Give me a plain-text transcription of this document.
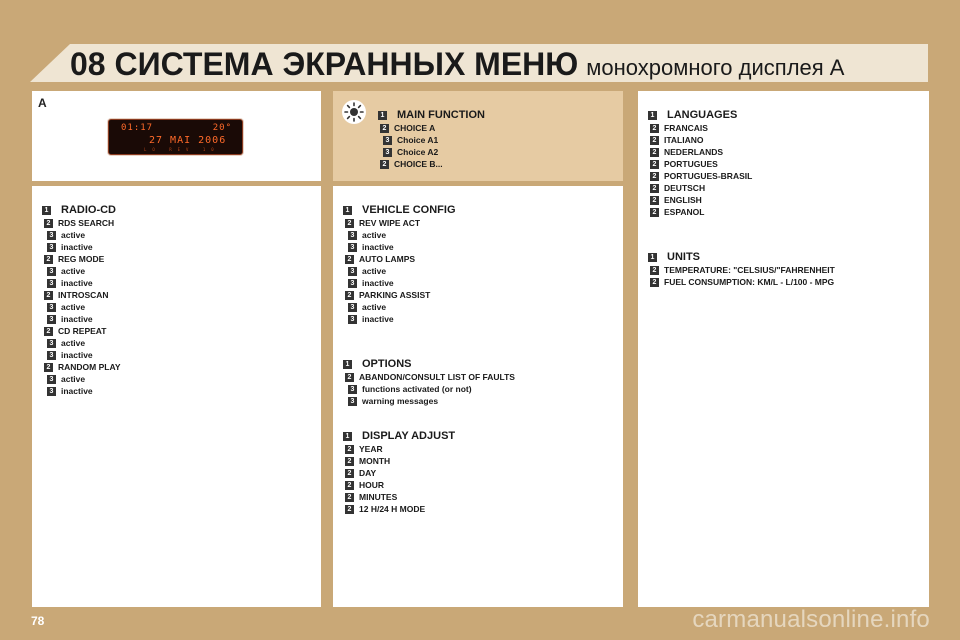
08 СИСТЕМА ЭКРАННЫХ МЕНЮ монохромного дисплея A
A
01:17	20°
27 MAI 2006
LO REV 10
1 MAIN FUNCTION
2 CHOICE A
3 Choice A1
3 Choice A2
2 CHOICE B...
1 RADIO-CD
2 RDS SEARCH
3 active
3 inactive
2 REG MODE
3 active
3 inactive
2 INTROSCAN
3 active
3 inactive
2 CD REPEAT
3 active
3 inactive
2 RANDOM PLAY
3 active
3 inactive
1 VEHICLE CONFIG
2 REV WIPE ACT
3 active
3 inactive
2 AUTO LAMPS
3 active
3 inactive
2 PARKING ASSIST
3 active
3 inactive
1 OPTIONS
2 ABANDON/CONSULT LIST OF FAULTS
3 functions activated (or not)
3 warning messages
1 DISPLAY ADJUST
2 YEAR
2 MONTH
2 DAY
2 HOUR
2 MINUTES
2 12 H/24 H MODE
1 LANGUAGES
2 FRANCAIS
2 ITALIANO
2 NEDERLANDS
2 PORTUGUES
2 PORTUGUES-BRASIL
2 DEUTSCH
2 ENGLISH
2 ESPANOL
1 UNITS
2 TEMPERATURE: "CELSIUS/"FAHRENHEIT
2 FUEL CONSUMPTION: KM/L - L/100 - MPG
78	carmanualsonline.info
